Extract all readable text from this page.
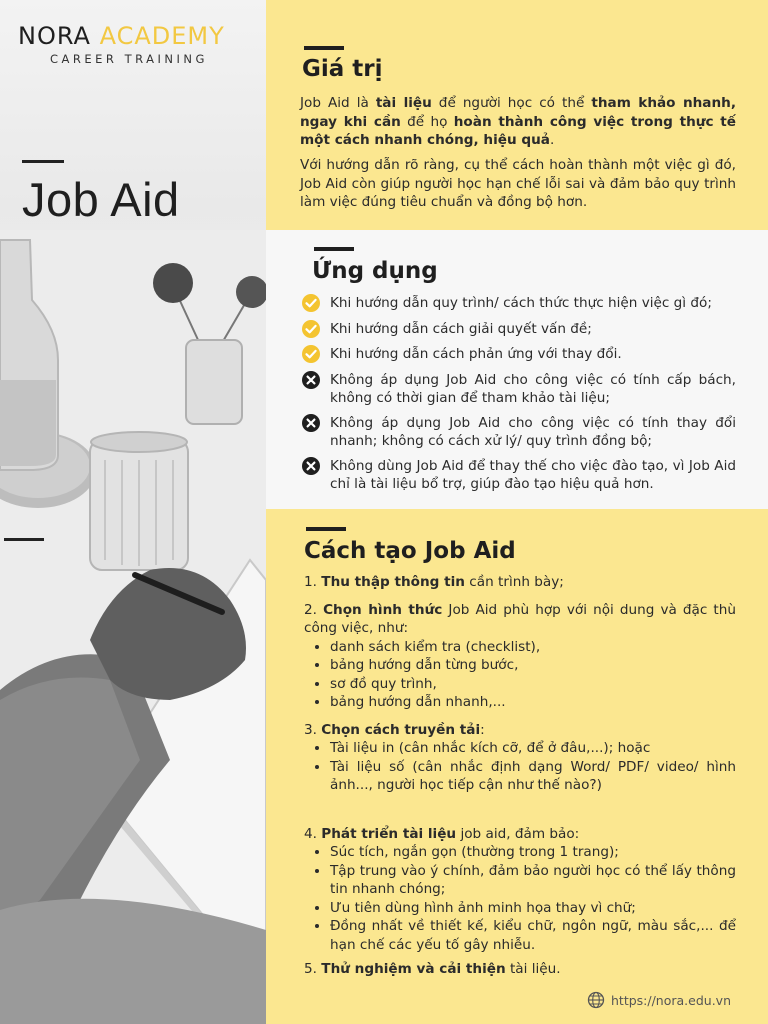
NORA ACADEMY
CAREER TRAINING
Job Aid
Giá trị
Job Aid là tài liệu để người học có thể tham khảo nhanh, ngay khi cần để họ hoàn thành công việc trong thực tế một cách nhanh chóng, hiệu quả.
Với hướng dẫn rõ ràng, cụ thể cách hoàn thành một việc gì đó, Job Aid còn giúp người học hạn chế lỗi sai và đảm bảo quy trình làm việc đúng tiêu chuẩn và đồng bộ hơn.
Ứng dụng
Khi hướng dẫn quy trình/ cách thức thực hiện việc gì đó;
Khi hướng dẫn cách giải quyết vấn đề;
Khi hướng dẫn cách phản ứng với thay đổi.
Không áp dụng Job Aid cho công việc có tính cấp bách, không có thời gian để tham khảo tài liệu;
Không áp dụng Job Aid cho công việc có tính thay đổi nhanh; không có cách xử lý/ quy trình đồng bộ;
Không dùng Job Aid để thay thế cho việc đào tạo, vì Job Aid chỉ là tài liệu bổ trợ, giúp đào tạo hiệu quả hơn.
Cách tạo Job Aid

1. Thu thập thông tin cần trình bày;

2. Chọn hình thức Job Aid phù hợp với nội dung và đặc thù công việc, như:
• danh sách kiểm tra (checklist),
• bảng hướng dẫn từng bước,
• sơ đồ quy trình,
• bảng hướng dẫn nhanh,...
3. Chọn cách truyền tải:
• Tài liệu in (cân nhắc kích cỡ, để ở đâu,...); hoặc
• Tài liệu số (cân nhắc định dạng Word/ PDF/ video/ hình ảnh..., người học tiếp cận như thế nào?)
4. Phát triển tài liệu job aid, đảm bảo:
• Súc tích, ngắn gọn (thường trong 1 trang);
• Tập trung vào ý chính, đảm bảo người học có thể lấy thông tin nhanh chóng;
• Ưu tiên dùng hình ảnh minh họa thay vì chữ;
• Đồng nhất về thiết kế, kiểu chữ, ngôn ngữ, màu sắc,... để hạn chế các yếu tố gây nhiễu.

5. Thử nghiệm và cải thiện tài liệu.

https://nora.edu.vn
